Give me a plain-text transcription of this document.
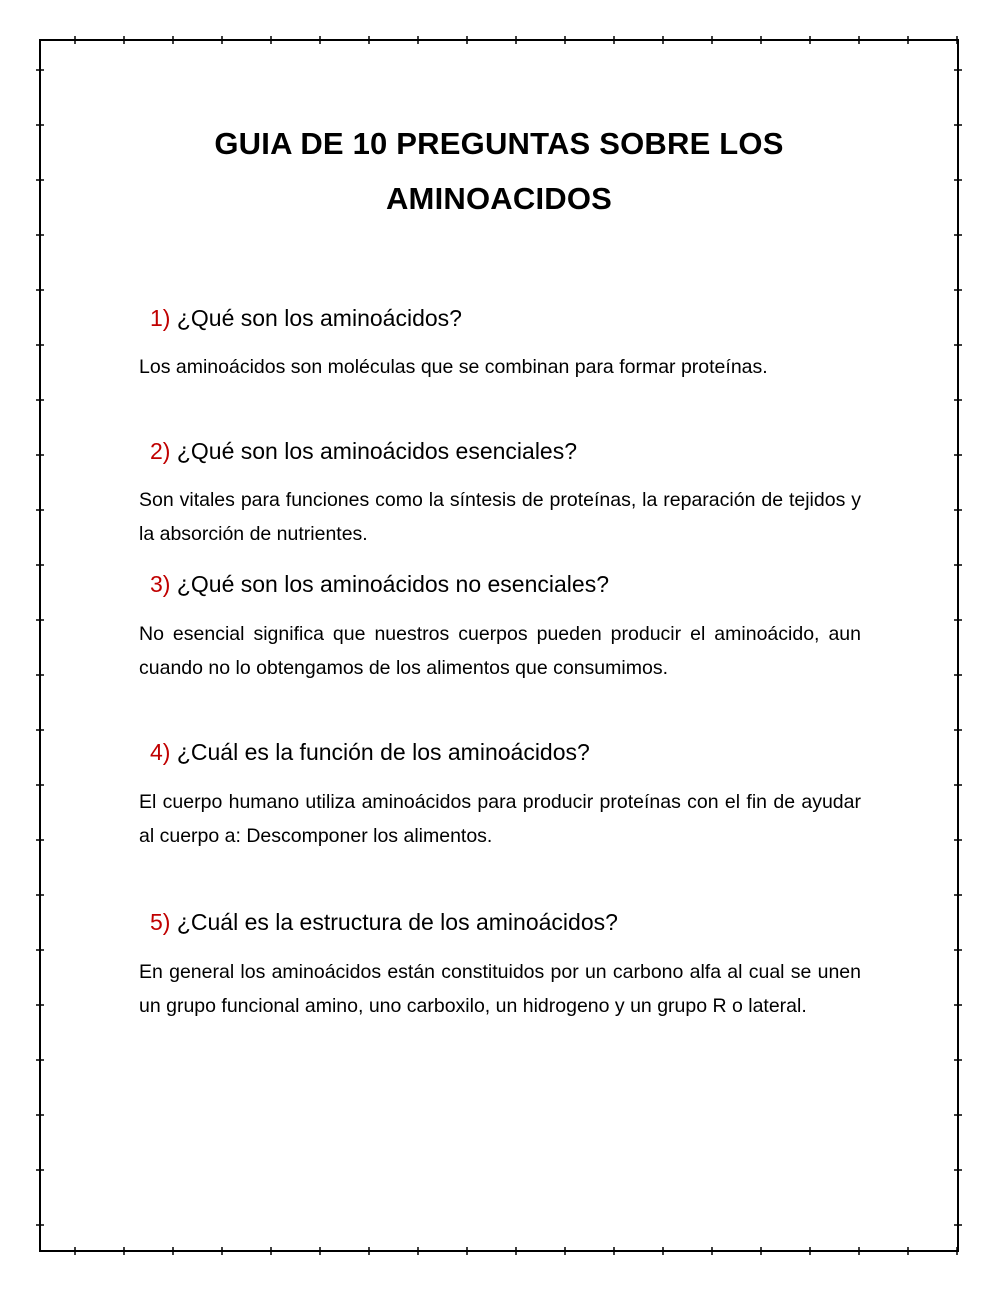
GUIA DE 10 PREGUNTAS SOBRE LOS
AMINOACIDOS
1) ¿Qué son los aminoácidos?
Los aminoácidos son moléculas que se combinan para formar proteínas.
2) ¿Qué son los aminoácidos esenciales?
Son vitales para funciones como la síntesis de proteínas, la reparación de tejidos y la absorción de nutrientes.
3) ¿Qué son los aminoácidos no esenciales?
No esencial significa que nuestros cuerpos pueden producir el aminoácido, aun cuando no lo obtengamos de los alimentos que consumimos.
4) ¿Cuál es la función de los aminoácidos?
El cuerpo humano utiliza aminoácidos para producir proteínas con el fin de ayudar al cuerpo a: Descomponer los alimentos.
5) ¿Cuál es la estructura de los aminoácidos?
En general los aminoácidos están constituidos por un carbono alfa al cual se unen un grupo funcional amino, uno carboxilo, un hidrogeno y un grupo R o lateral.
